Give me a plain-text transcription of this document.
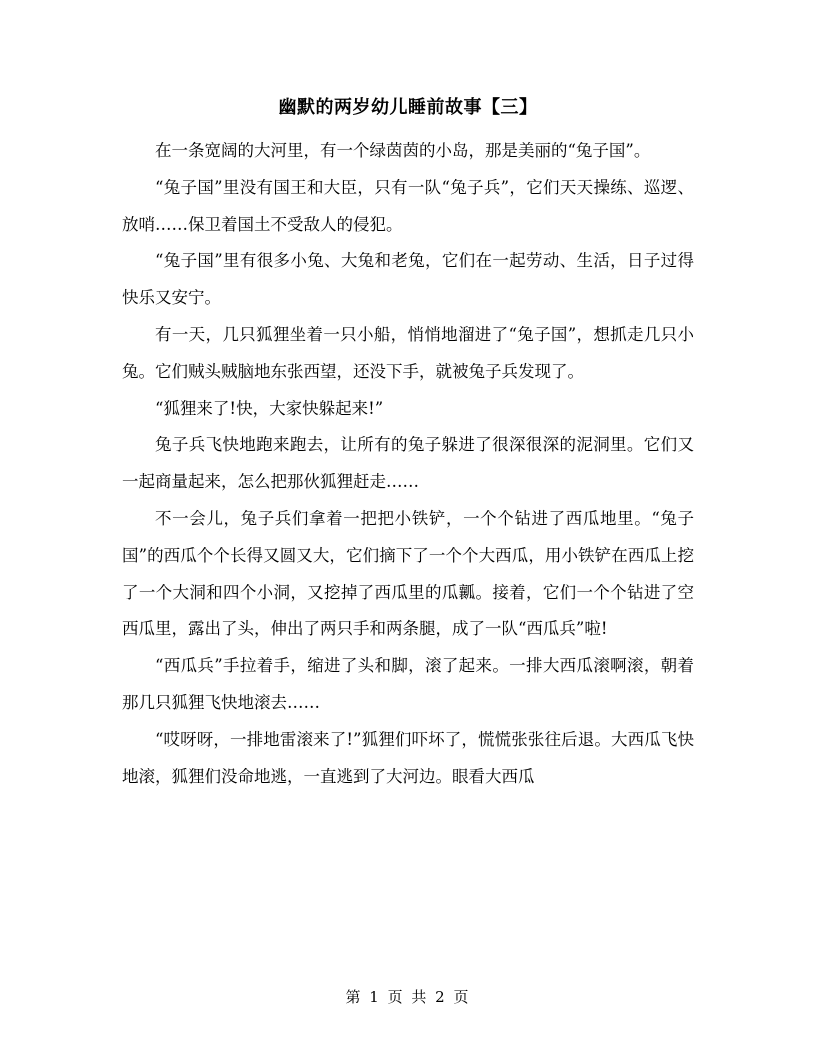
幽默的两岁幼儿睡前故事【三】

在一条宽阔的大河里，有一个绿茵茵的小岛，那是美丽的“兔子国”。

“兔子国”里没有国王和大臣，只有一队“兔子兵”，它们天天操练、巡逻、放哨……保卫着国土不受敌人的侵犯。

“兔子国”里有很多小兔、大兔和老兔，它们在一起劳动、生活，日子过得快乐又安宁。

有一天，几只狐狸坐着一只小船，悄悄地溜进了“兔子国”，想抓走几只小兔。它们贼头贼脑地东张西望，还没下手，就被兔子兵发现了。

“狐狸来了!快，大家快躲起来!”

兔子兵飞快地跑来跑去，让所有的兔子躲进了很深很深的泥洞里。它们又一起商量起来，怎么把那伙狐狸赶走……

不一会儿，兔子兵们拿着一把把小铁铲，一个个钻进了西瓜地里。“兔子国”的西瓜个个长得又圆又大，它们摘下了一个个大西瓜，用小铁铲在西瓜上挖了一个大洞和四个小洞，又挖掉了西瓜里的瓜瓤。接着，它们一个个钻进了空西瓜里，露出了头，伸出了两只手和两条腿，成了一队“西瓜兵”啦!

“西瓜兵”手拉着手，缩进了头和脚，滚了起来。一排大西瓜滚啊滚，朝着那几只狐狸飞快地滚去……

“哎呀呀，一排地雷滚来了!”狐狸们吓坏了，慌慌张张往后退。大西瓜飞快地滚，狐狸们没命地逃，一直逃到了大河边。眼看大西瓜

第 1 页 共 2 页
